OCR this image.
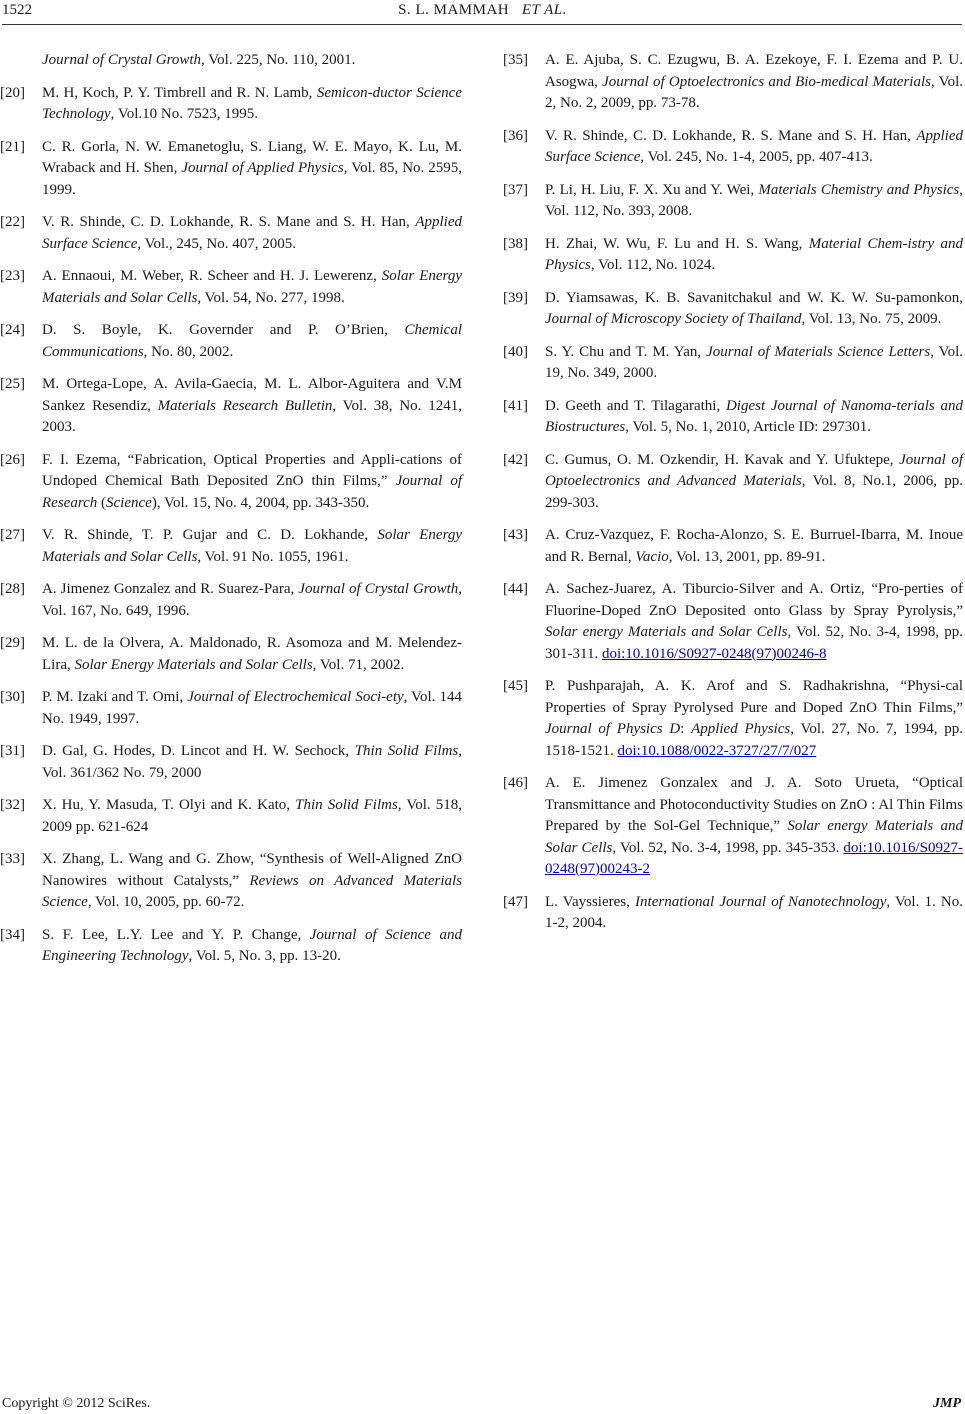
1522	S. L. MAMMAH ET AL.
Journal of Crystal Growth, Vol. 225, No. 110, 2001.
[20] M. H, Koch, P. Y. Timbrell and R. N. Lamb, Semicon-ductor Science Technology, Vol.10 No. 7523, 1995.
[21] C. R. Gorla, N. W. Emanetoglu, S. Liang, W. E. Mayo, K. Lu, M. Wraback and H. Shen, Journal of Applied Physics, Vol. 85, No. 2595, 1999.
[22] V. R. Shinde, C. D. Lokhande, R. S. Mane and S. H. Han, Applied Surface Science, Vol., 245, No. 407, 2005.
[23] A. Ennaoui, M. Weber, R. Scheer and H. J. Lewerenz, Solar Energy Materials and Solar Cells, Vol. 54, No. 277, 1998.
[24] D. S. Boyle, K. Governder and P. O’Brien, Chemical Communications, No. 80, 2002.
[25] M. Ortega-Lope, A. Avila-Gaecia, M. L. Albor-Aguitera and V.M Sankez Resendiz, Materials Research Bulletin, Vol. 38, No. 1241, 2003.
[26] F. I. Ezema, “Fabrication, Optical Properties and Appli-cations of Undoped Chemical Bath Deposited ZnO thin Films,” Journal of Research (Science), Vol. 15, No. 4, 2004, pp. 343-350.
[27] V. R. Shinde, T. P. Gujar and C. D. Lokhande, Solar Energy Materials and Solar Cells, Vol. 91 No. 1055, 1961.
[28] A. Jimenez Gonzalez and R. Suarez-Para, Journal of Crystal Growth, Vol. 167, No. 649, 1996.
[29] M. L. de la Olvera, A. Maldonado, R. Asomoza and M. Melendez-Lira, Solar Energy Materials and Solar Cells, Vol. 71, 2002.
[30] P. M. Izaki and T. Omi, Journal of Electrochemical Soci-ety, Vol. 144 No. 1949, 1997.
[31] D. Gal, G. Hodes, D. Lincot and H. W. Sechock, Thin Solid Films, Vol. 361/362 No. 79, 2000
[32] X. Hu, Y. Masuda, T. Olyi and K. Kato, Thin Solid Films, Vol. 518, 2009 pp. 621-624
[33] X. Zhang, L. Wang and G. Zhow, “Synthesis of Well-Aligned ZnO Nanowires without Catalysts,” Reviews on Advanced Materials Science, Vol. 10, 2005, pp. 60-72.
[34] S. F. Lee, L.Y. Lee and Y. P. Change, Journal of Science and Engineering Technology, Vol. 5, No. 3, pp. 13-20.
[35] A. E. Ajuba, S. C. Ezugwu, B. A. Ezekoye, F. I. Ezema and P. U. Asogwa, Journal of Optoelectronics and Bio-medical Materials, Vol. 2, No. 2, 2009, pp. 73-78.
[36] V. R. Shinde, C. D. Lokhande, R. S. Mane and S. H. Han, Applied Surface Science, Vol. 245, No. 1-4, 2005, pp. 407-413.
[37] P. Li, H. Liu, F. X. Xu and Y. Wei, Materials Chemistry and Physics, Vol. 112, No. 393, 2008.
[38] H. Zhai, W. Wu, F. Lu and H. S. Wang, Material Chem-istry and Physics, Vol. 112, No. 1024.
[39] D. Yiamsawas, K. B. Savanitchakul and W. K. W. Su-pamonkon, Journal of Microscopy Society of Thailand, Vol. 13, No. 75, 2009.
[40] S. Y. Chu and T. M. Yan, Journal of Materials Science Letters, Vol. 19, No. 349, 2000.
[41] D. Geeth and T. Tilagarathi, Digest Journal of Nanoma-terials and Biostructures, Vol. 5, No. 1, 2010, Article ID: 297301.
[42] C. Gumus, O. M. Ozkendir, H. Kavak and Y. Ufuktepe, Journal of Optoelectronics and Advanced Materials, Vol. 8, No.1, 2006, pp. 299-303.
[43] A. Cruz-Vazquez, F. Rocha-Alonzo, S. E. Burruel-Ibarra, M. Inoue and R. Bernal, Vacio, Vol. 13, 2001, pp. 89-91.
[44] A. Sachez-Juarez, A. Tiburcio-Silver and A. Ortiz, “Pro-perties of Fluorine-Doped ZnO Deposited onto Glass by Spray Pyrolysis,” Solar energy Materials and Solar Cells, Vol. 52, No. 3-4, 1998, pp. 301-311. doi:10.1016/S0927-0248(97)00246-8
[45] P. Pushparajah, A. K. Arof and S. Radhakrishna, “Physi-cal Properties of Spray Pyrolysed Pure and Doped ZnO Thin Films,” Journal of Physics D: Applied Physics, Vol. 27, No. 7, 1994, pp. 1518-1521. doi:10.1088/0022-3727/27/7/027
[46] A. E. Jimenez Gonzalex and J. A. Soto Urueta, “Optical Transmittance and Photoconductivity Studies on ZnO : Al Thin Films Prepared by the Sol-Gel Technique,” Solar energy Materials and Solar Cells, Vol. 52, No. 3-4, 1998, pp. 345-353. doi:10.1016/S0927-0248(97)00243-2
[47] L. Vayssieres, International Journal of Nanotechnology, Vol. 1. No. 1-2, 2004.
Copyright © 2012 SciRes.	JMP
